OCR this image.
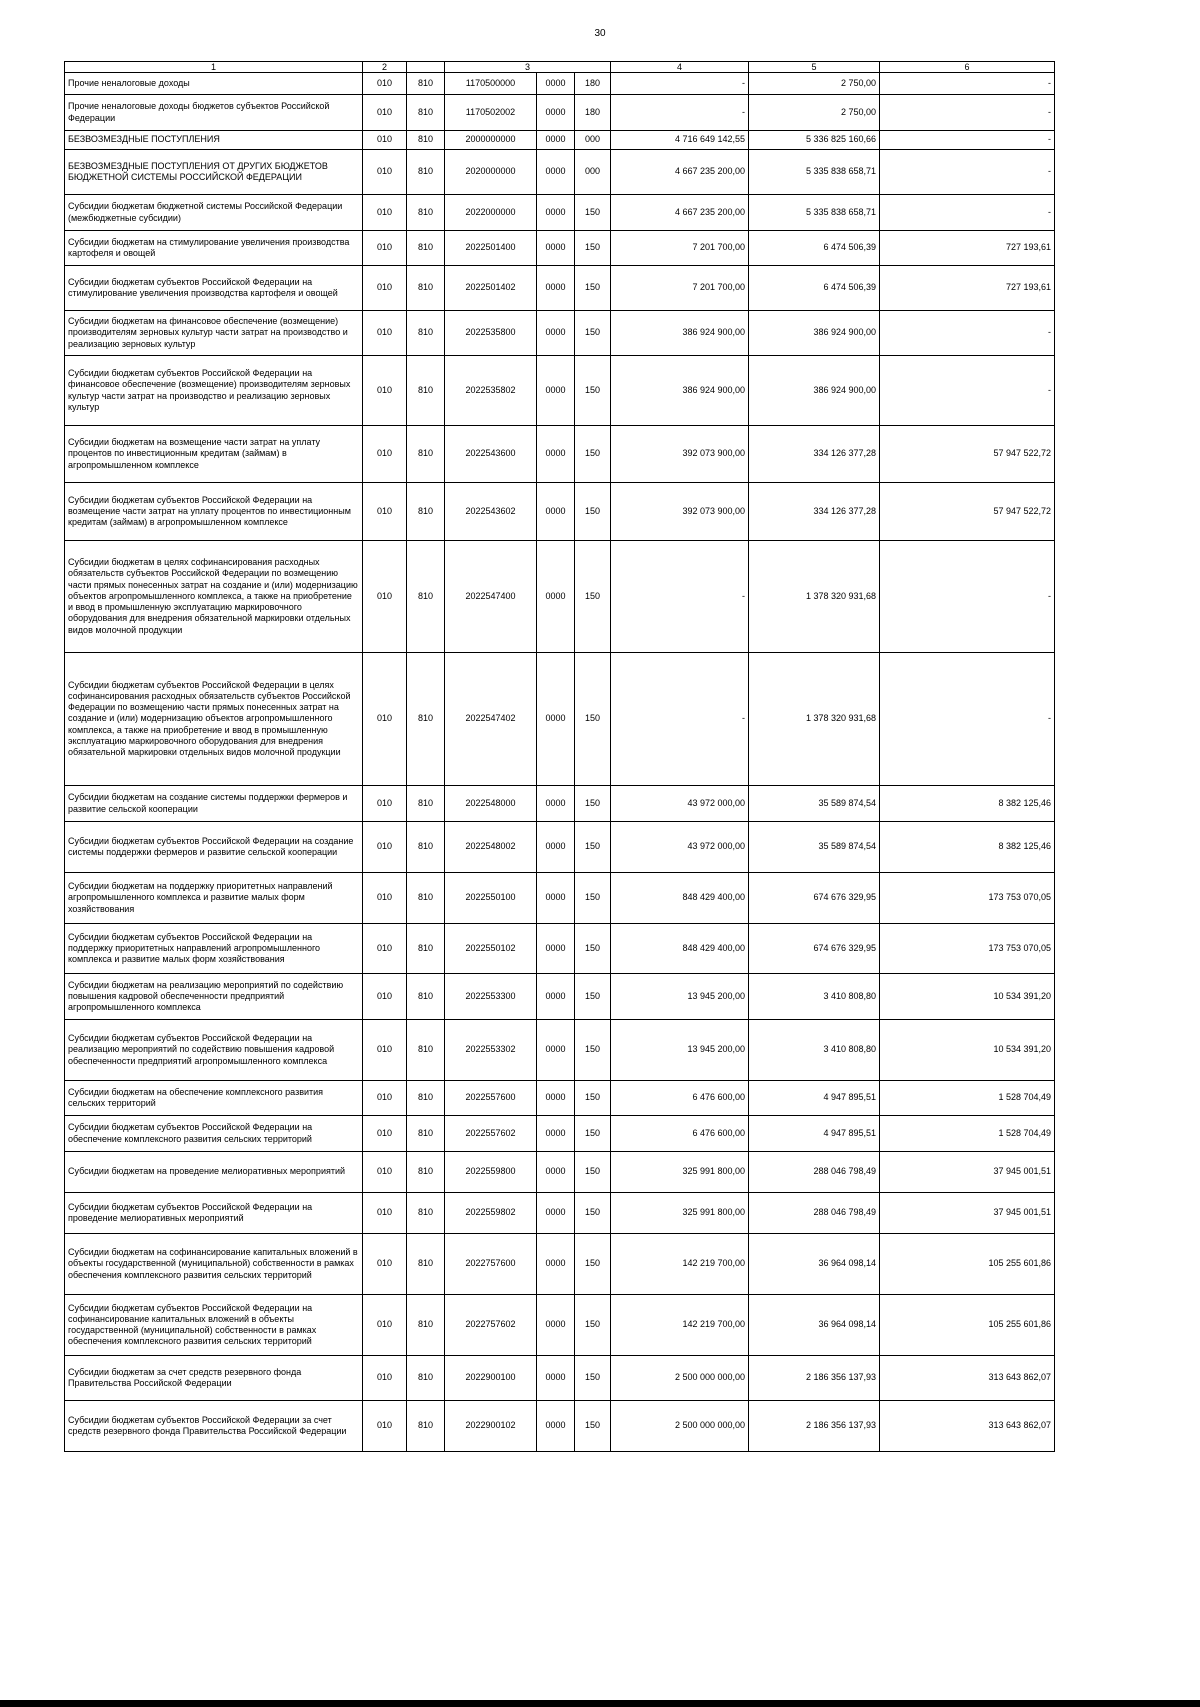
30
1	2		3			4	5	6
Прочие неналоговые доходы	010	810	1170500000	0000	180	-	2 750,00	-
Прочие неналоговые доходы бюджетов субъектов Российской Федерации	010	810	1170502002	0000	180	-	2 750,00	-
БЕЗВОЗМЕЗДНЫЕ ПОСТУПЛЕНИЯ	010	810	2000000000	0000	000	4 716 649 142,55	5 336 825 160,66	-
БЕЗВОЗМЕЗДНЫЕ ПОСТУПЛЕНИЯ ОТ ДРУГИХ БЮДЖЕТОВ БЮДЖЕТНОЙ СИСТЕМЫ РОССИЙСКОЙ ФЕДЕРАЦИИ	010	810	2020000000	0000	000	4 667 235 200,00	5 335 838 658,71	-
Субсидии бюджетам бюджетной системы Российской Федерации (межбюджетные субсидии)	010	810	2022000000	0000	150	4 667 235 200,00	5 335 838 658,71	-
Субсидии бюджетам на стимулирование увеличения производства картофеля и овощей	010	810	2022501400	0000	150	7 201 700,00	6 474 506,39	727 193,61
Субсидии бюджетам субъектов Российской Федерации на стимулирование увеличения производства картофеля и овощей	010	810	2022501402	0000	150	7 201 700,00	6 474 506,39	727 193,61
Субсидии бюджетам на финансовое обеспечение (возмещение) производителям зерновых культур части затрат на производство и реализацию зерновых культур	010	810	2022535800	0000	150	386 924 900,00	386 924 900,00	-
Субсидии бюджетам субъектов Российской Федерации на финансовое обеспечение (возмещение) производителям зерновых культур части затрат на производство и реализацию зерновых культур	010	810	2022535802	0000	150	386 924 900,00	386 924 900,00	-
Субсидии бюджетам на возмещение части затрат на уплату процентов по инвестиционным кредитам (займам) в агропромышленном комплексе	010	810	2022543600	0000	150	392 073 900,00	334 126 377,28	57 947 522,72
Субсидии бюджетам субъектов Российской Федерации на возмещение части затрат на уплату процентов по инвестиционным кредитам (займам) в агропромышленном комплексе	010	810	2022543602	0000	150	392 073 900,00	334 126 377,28	57 947 522,72
Субсидии бюджетам в целях софинансирования расходных обязательств субъектов Российской Федерации по возмещению части прямых понесенных затрат на создание и (или) модернизацию объектов агропромышленного комплекса, а также на приобретение и ввод в промышленную эксплуатацию маркировочного оборудования для внедрения обязательной маркировки отдельных видов молочной продукции	010	810	2022547400	0000	150	-	1 378 320 931,68	-
Субсидии бюджетам субъектов Российской Федерации в целях софинансирования расходных обязательств субъектов Российской Федерации по возмещению части прямых понесенных затрат на создание и (или) модернизацию объектов агропромышленного комплекса, а также на приобретение и ввод в промышленную эксплуатацию маркировочного оборудования для внедрения обязательной маркировки отдельных видов молочной продукции	010	810	2022547402	0000	150	-	1 378 320 931,68	-
Субсидии бюджетам на создание системы поддержки фермеров и развитие сельской кооперации	010	810	2022548000	0000	150	43 972 000,00	35 589 874,54	8 382 125,46
Субсидии бюджетам субъектов Российской Федерации на создание системы поддержки фермеров и развитие сельской кооперации	010	810	2022548002	0000	150	43 972 000,00	35 589 874,54	8 382 125,46
Субсидии бюджетам на поддержку приоритетных направлений агропромышленного комплекса и развитие малых форм хозяйствования	010	810	2022550100	0000	150	848 429 400,00	674 676 329,95	173 753 070,05
Субсидии бюджетам субъектов Российской Федерации на поддержку приоритетных направлений агропромышленного комплекса и развитие малых форм хозяйствования	010	810	2022550102	0000	150	848 429 400,00	674 676 329,95	173 753 070,05
Субсидии бюджетам на реализацию мероприятий по содействию повышения кадровой обеспеченности предприятий агропромышленного комплекса	010	810	2022553300	0000	150	13 945 200,00	3 410 808,80	10 534 391,20
Субсидии бюджетам субъектов Российской Федерации на реализацию мероприятий по содействию повышения кадровой обеспеченности предприятий агропромышленного комплекса	010	810	2022553302	0000	150	13 945 200,00	3 410 808,80	10 534 391,20
Субсидии бюджетам на обеспечение комплексного развития сельских территорий	010	810	2022557600	0000	150	6 476 600,00	4 947 895,51	1 528 704,49
Субсидии бюджетам субъектов Российской Федерации на обеспечение комплексного развития сельских территорий	010	810	2022557602	0000	150	6 476 600,00	4 947 895,51	1 528 704,49
Субсидии бюджетам на проведение мелиоративных мероприятий	010	810	2022559800	0000	150	325 991 800,00	288 046 798,49	37 945 001,51
Субсидии бюджетам субъектов Российской Федерации на проведение мелиоративных мероприятий	010	810	2022559802	0000	150	325 991 800,00	288 046 798,49	37 945 001,51
Субсидии бюджетам на софинансирование капитальных вложений в объекты государственной (муниципальной) собственности в рамках обеспечения комплексного развития сельских территорий	010	810	2022757600	0000	150	142 219 700,00	36 964 098,14	105 255 601,86
Субсидии бюджетам субъектов Российской Федерации на софинансирование капитальных вложений в объекты государственной (муниципальной) собственности в рамках обеспечения комплексного развития сельских территорий	010	810	2022757602	0000	150	142 219 700,00	36 964 098,14	105 255 601,86
Субсидии бюджетам за счет средств резервного фонда Правительства Российской Федерации	010	810	2022900100	0000	150	2 500 000 000,00	2 186 356 137,93	313 643 862,07
Субсидии бюджетам субъектов Российской Федерации за счет средств резервного фонда Правительства Российской Федерации	010	810	2022900102	0000	150	2 500 000 000,00	2 186 356 137,93	313 643 862,07
